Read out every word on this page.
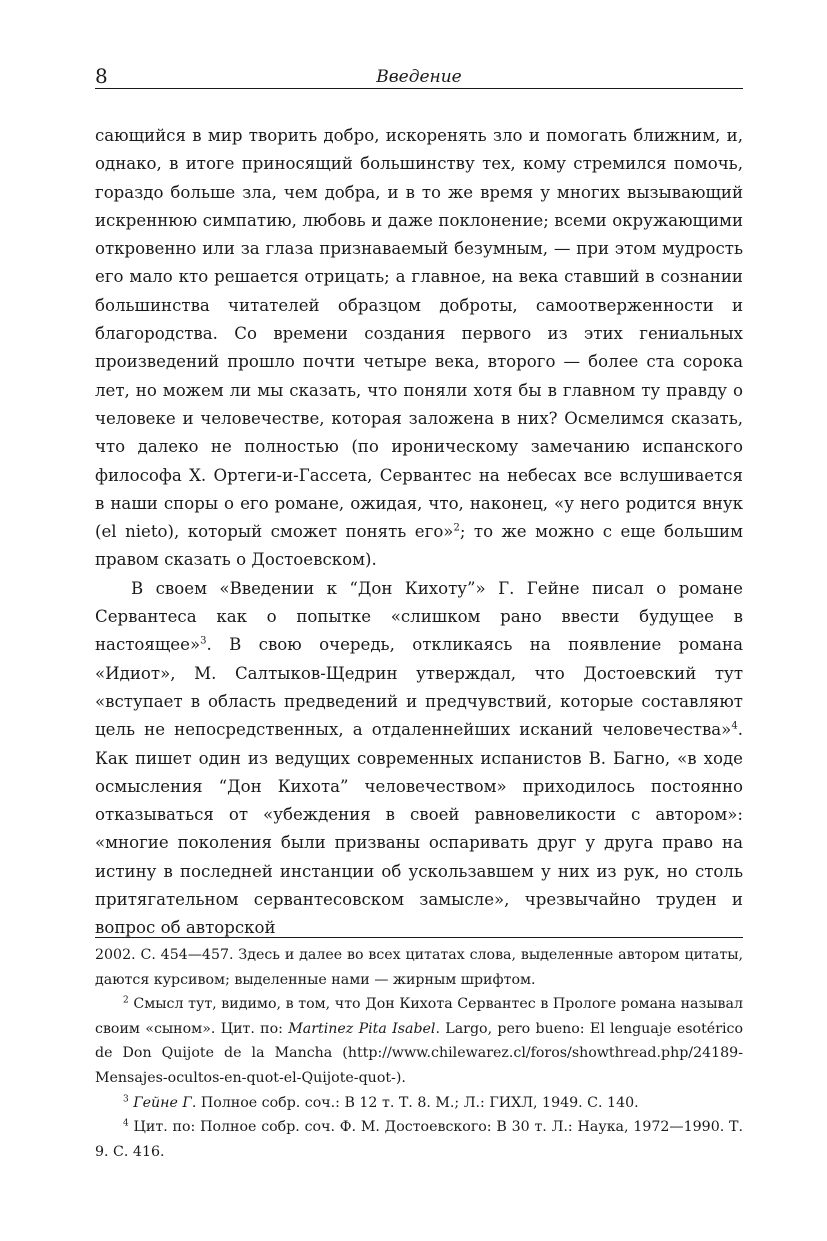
8	Введение

сающийся в мир творить добро, искоренять зло и помогать ближним, и, однако, в итоге приносящий большинству тех, кому стремился помочь, гораздо больше зла, чем добра, и в то же время у многих вызывающий искреннюю симпатию, любовь и даже поклонение; всеми окружающими откровенно или за глаза признаваемый безумным, — при этом мудрость его мало кто решается отрицать; а главное, на века ставший в сознании большинства читателей образцом доброты, самоотверженности и благородства. Со времени создания первого из этих гениальных произведений прошло почти четыре века, второго — более ста сорока лет, но можем ли мы сказать, что поняли хотя бы в главном ту правду о человеке и человечестве, которая заложена в них? Осмелимся сказать, что далеко не полностью (по ироническому замечанию испанского философа Х. Ортеги-и-Гассета, Сервантес на небесах все вслушивается в наши споры о его романе, ожидая, что, наконец, «у него родится внук (el nieto), который сможет понять его»$^2$; то же можно с еще большим правом сказать о Достоевском).

В своем «Введении к “Дон Кихоту”» Г. Гейне писал о романе Сервантеса как о попытке «слишком рано ввести будущее в настоящее»$^3$. В свою очередь, откликаясь на появление романа «Идиот», М. Салтыков-Щедрин утверждал, что Достоевский тут «вступает в область предведений и предчувствий, которые составляют цель не непосредственных, а отдаленнейших исканий человечества»$^4$. Как пишет один из ведущих современных испанистов В. Багно, «в ходе осмысления “Дон Кихота” человечеством» приходилось постоянно отказываться от «убеждения в своей равновеликости с автором»: «многие поколения были призваны оспаривать друг у друга право на истину в последней инстанции об ускользавшем у них из рук, но столь притягательном сервантесовском замысле», чрезвычайно труден и вопрос об авторской

2002. С. 454—457. Здесь и далее во всех цитатах слова, выделенные автором цитаты, даются курсивом; выделенные нами — жирным шрифтом.

$^2$ Смысл тут, видимо, в том, что Дон Кихота Сервантес в Прологе романа называл своим «сыном». Цит. по: Martinez Pita Isabel. Largo, pero bueno: El lenguaje esotérico de Don Quijote de la Mancha (http://www.chilewarez.cl/foros/showthread.php/24189-Mensajes-ocultos-en-quot-el-Quijote-quot-).

$^3$ Гейне Г. Полное собр. соч.: В 12 т. Т. 8. М.; Л.: ГИХЛ, 1949. С. 140.

$^4$ Цит. по: Полное собр. соч. Ф. М. Достоевского: В 30 т. Л.: Наука, 1972—1990. Т. 9. С. 416.
